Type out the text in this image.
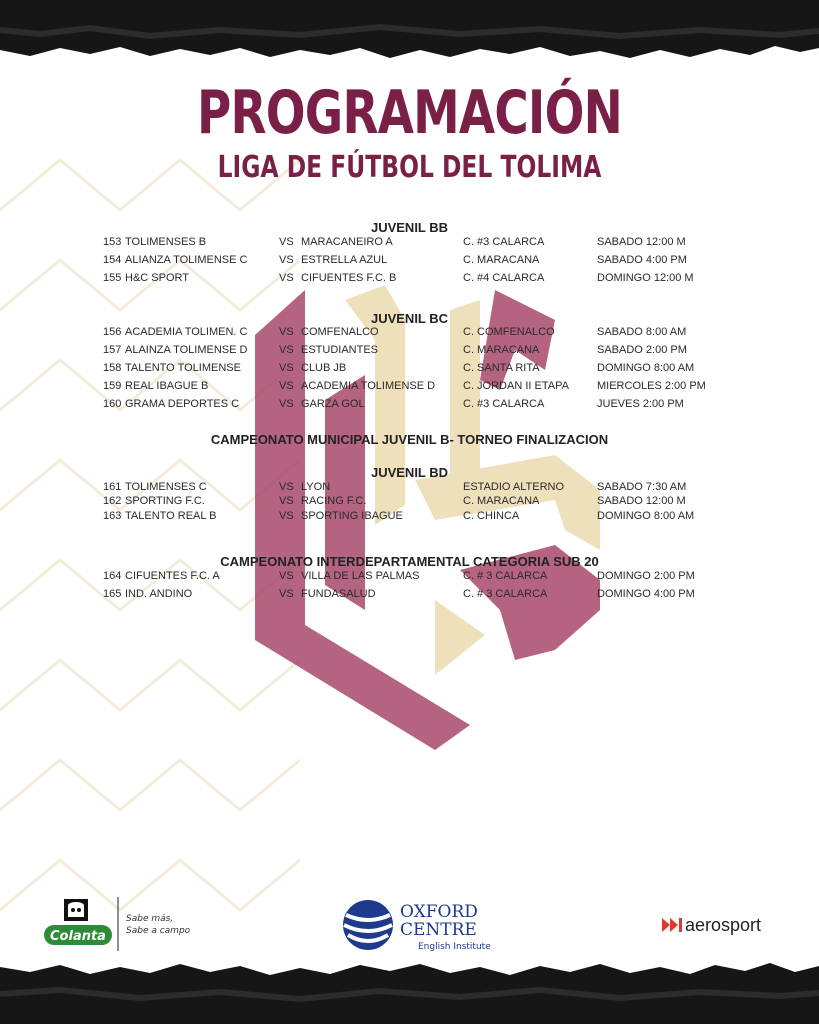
PROGRAMACIÓN
LIGA DE FÚTBOL DEL TOLIMA
JUVENIL BB
153 TOLIMENSES B	VS MARACANEIRO A	C. #3 CALARCA	SABADO 12:00 M
154 ALIANZA TOLIMENSE C	VS ESTRELLA AZUL	C. MARACANA	SABADO 4:00 PM
155 H&C SPORT	VS CIFUENTES F.C. B	C. #4 CALARCA	DOMINGO 12:00 M
JUVENIL BC
156 ACADEMIA TOLIMEN. C	VS COMFENALCO	C. COMFENALCO	SABADO 8:00 AM
157 ALAINZA TOLIMENSE D	VS ESTUDIANTES	C. MARACANA	SABADO 2:00 PM
158 TALENTO TOLIMENSE	VS CLUB JB	C. SANTA RITA	DOMINGO 8:00 AM
159 REAL IBAGUE B	VS ACADEMIA TOLIMENSE D	C. JORDAN II ETAPA	MIERCOLES 2:00 PM
160 GRAMA DEPORTES C	VS GARZA GOL	C. #3 CALARCA	JUEVES 2:00 PM
CAMPEONATO MUNICIPAL JUVENIL B- TORNEO FINALIZACION
JUVENIL BD
161 TOLIMENSES C	VS LYON	ESTADIO ALTERNO	SABADO 7:30 AM
162 SPORTING F.C.	VS RACING F.C.	C. MARACANA	SABADO 12:00 M
163 TALENTO REAL B	VS SPORTING IBAGUE	C. CHINCA	DOMINGO 8:00 AM
CAMPEONATO INTERDEPARTAMENTAL CATEGORIA SUB 20
164 CIFUENTES F.C. A	VS VILLA DE LAS PALMAS	C. # 3 CALARCA	DOMINGO 2:00 PM
165 IND. ANDINO	VS FUNDASALUD	C. # 3 CALARCA	DOMINGO 4:00 PM
Colanta
Sabe más,
Sabe a campo
OXFORD
CENTRE
English Institute
aerosport
